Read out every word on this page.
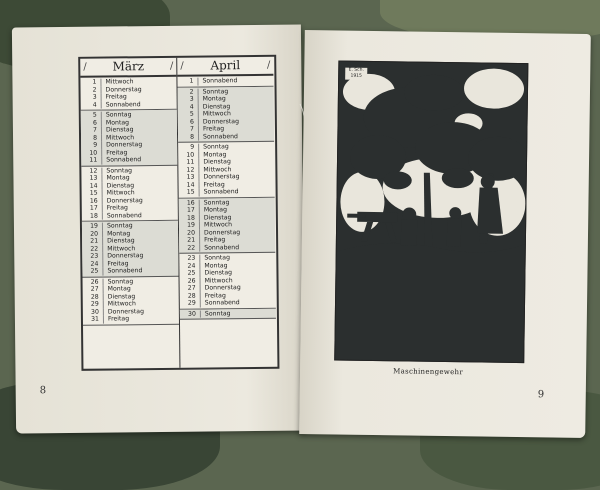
/ März	/
1	Mittwoch
2	Donnerstag
3	Freitag
4	Sonnabend
5	Sonntag
6	Montag
7	Dienstag
8	Mittwoch
9	Donnerstag
10	Freitag
11	Sonnabend
12	Sonntag
13	Montag
14	Dienstag
15	Mittwoch
16	Donnerstag
17	Freitag
18	Sonnabend
19	Sonntag
20	Montag
21	Dienstag
22	Mittwoch
23	Donnerstag
24	Freitag
25	Sonnabend
26	Sonntag
27	Montag
28	Dienstag
29	Mittwoch
30	Donnerstag
31	Freitag
/ April	/
1	Sonnabend
2	Sonntag
3	Montag
4	Dienstag
5	Mittwoch
6	Donnerstag
7	Freitag
8	Sonnabend
9	Sonntag
10	Montag
11	Dienstag
12	Mittwoch
13	Donnerstag
14	Freitag
15	Sonnabend
16	Sonntag
17	Montag
18	Dienstag
19	Mittwoch
20	Donnerstag
21	Freitag
22	Sonnabend
23	Sonntag
24	Montag
25	Dienstag
26	Mittwoch
27	Donnerstag
28	Freitag
29	Sonnabend
30	Sonntag
8
E. Sch. 1915
Maschinengewehr
9
